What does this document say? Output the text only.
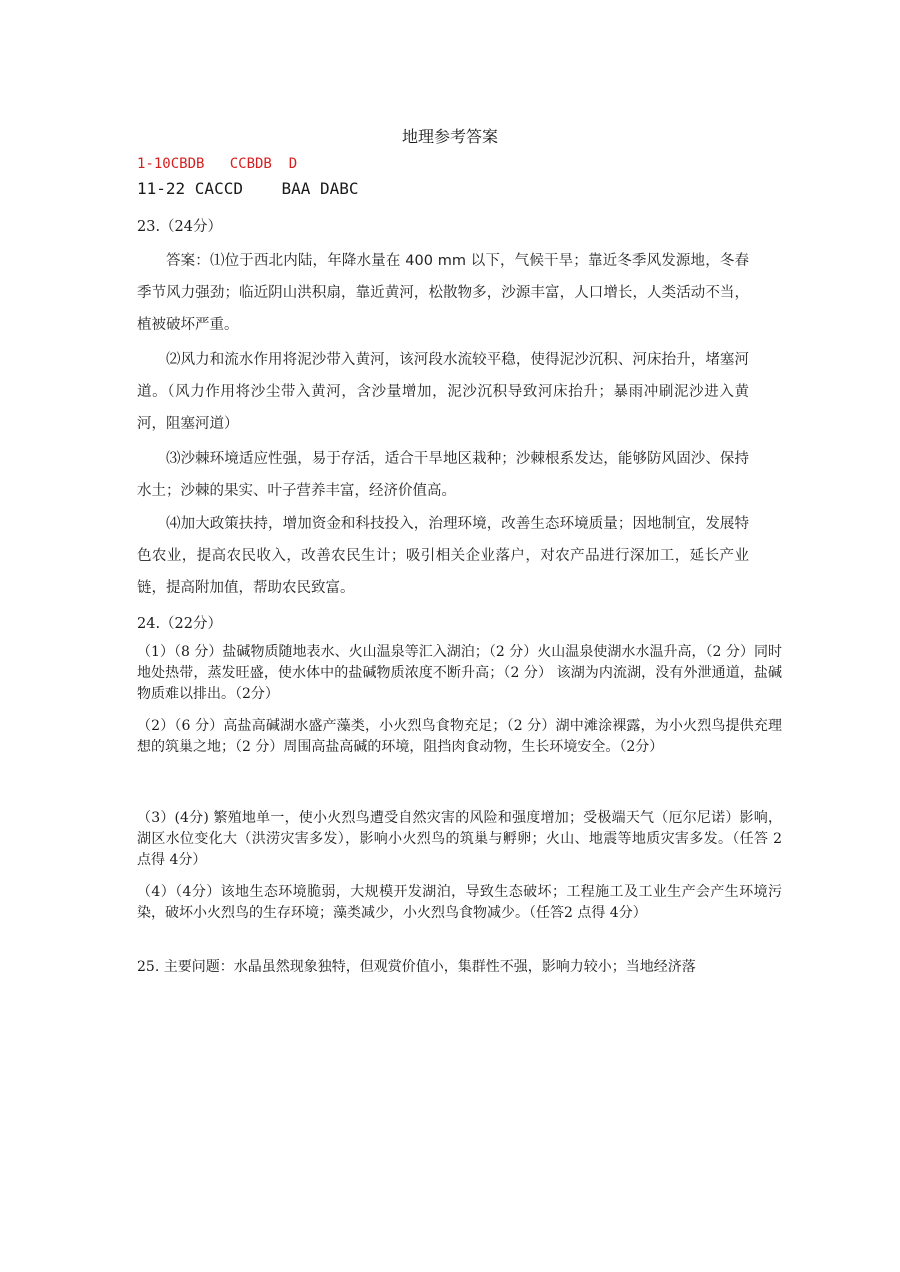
地理参考答案
1-10CBDB   CCBDB  D
11-22 CACCD    BAA DABC
23.（24分）
答案：⑴位于西北内陆，年降水量在 400 mm 以下，气候干旱；靠近冬季风发源地，冬春季节风力强劲；临近阴山洪积扇，靠近黄河，松散物多，沙源丰富，人口增长，人类活动不当，植被破坏严重。
⑵风力和流水作用将泥沙带入黄河，该河段水流较平稳，使得泥沙沉积、河床抬升，堵塞河道。（风力作用将沙尘带入黄河，含沙量增加，泥沙沉积导致河床抬升；暴雨冲刷泥沙进入黄河，阻塞河道）
⑶沙棘环境适应性强，易于存活，适合干旱地区栽种；沙棘根系发达，能够防风固沙、保持水土；沙棘的果实、叶子营养丰富，经济价值高。
⑷加大政策扶持，增加资金和科技投入，治理环境，改善生态环境质量；因地制宜，发展特色农业，提高农民收入，改善农民生计；吸引相关企业落户，对农产品进行深加工，延长产业链，提高附加值，帮助农民致富。
24.（22分）
（1）（8 分）盐碱物质随地表水、火山温泉等汇入湖泊；（2 分）火山温泉使湖水水温升高，（2 分）同时地处热带，蒸发旺盛，使水体中的盐碱物质浓度不断升高；（2 分） 该湖为内流湖，没有外泄通道，盐碱物质难以排出。（2分）
（2）（6 分）高盐高碱湖水盛产藻类，小火烈鸟食物充足；（2 分）湖中滩涂裸露，为小火烈鸟提供充理想的筑巢之地；（2 分）周围高盐高碱的环境，阻挡肉食动物，生长环境安全。（2分）
（3）(4分) 繁殖地单一，使小火烈鸟遭受自然灾害的风险和强度增加；受极端天气（厄尔尼诺）影响，湖区水位变化大（洪涝灾害多发），影响小火烈鸟的筑巢与孵卵；火山、地震等地质灾害多发。（任答 2 点得 4分）
（4）（4分）该地生态环境脆弱，大规模开发湖泊，导致生态破坏；工程施工及工业生产会产生环境污染，破坏小火烈鸟的生存环境；藻类减少，小火烈鸟食物减少。（任答2 点得 4分）
25. 主要问题：水晶虽然现象独特，但观赏价值小，集群性不强，影响力较小；当地经济落
